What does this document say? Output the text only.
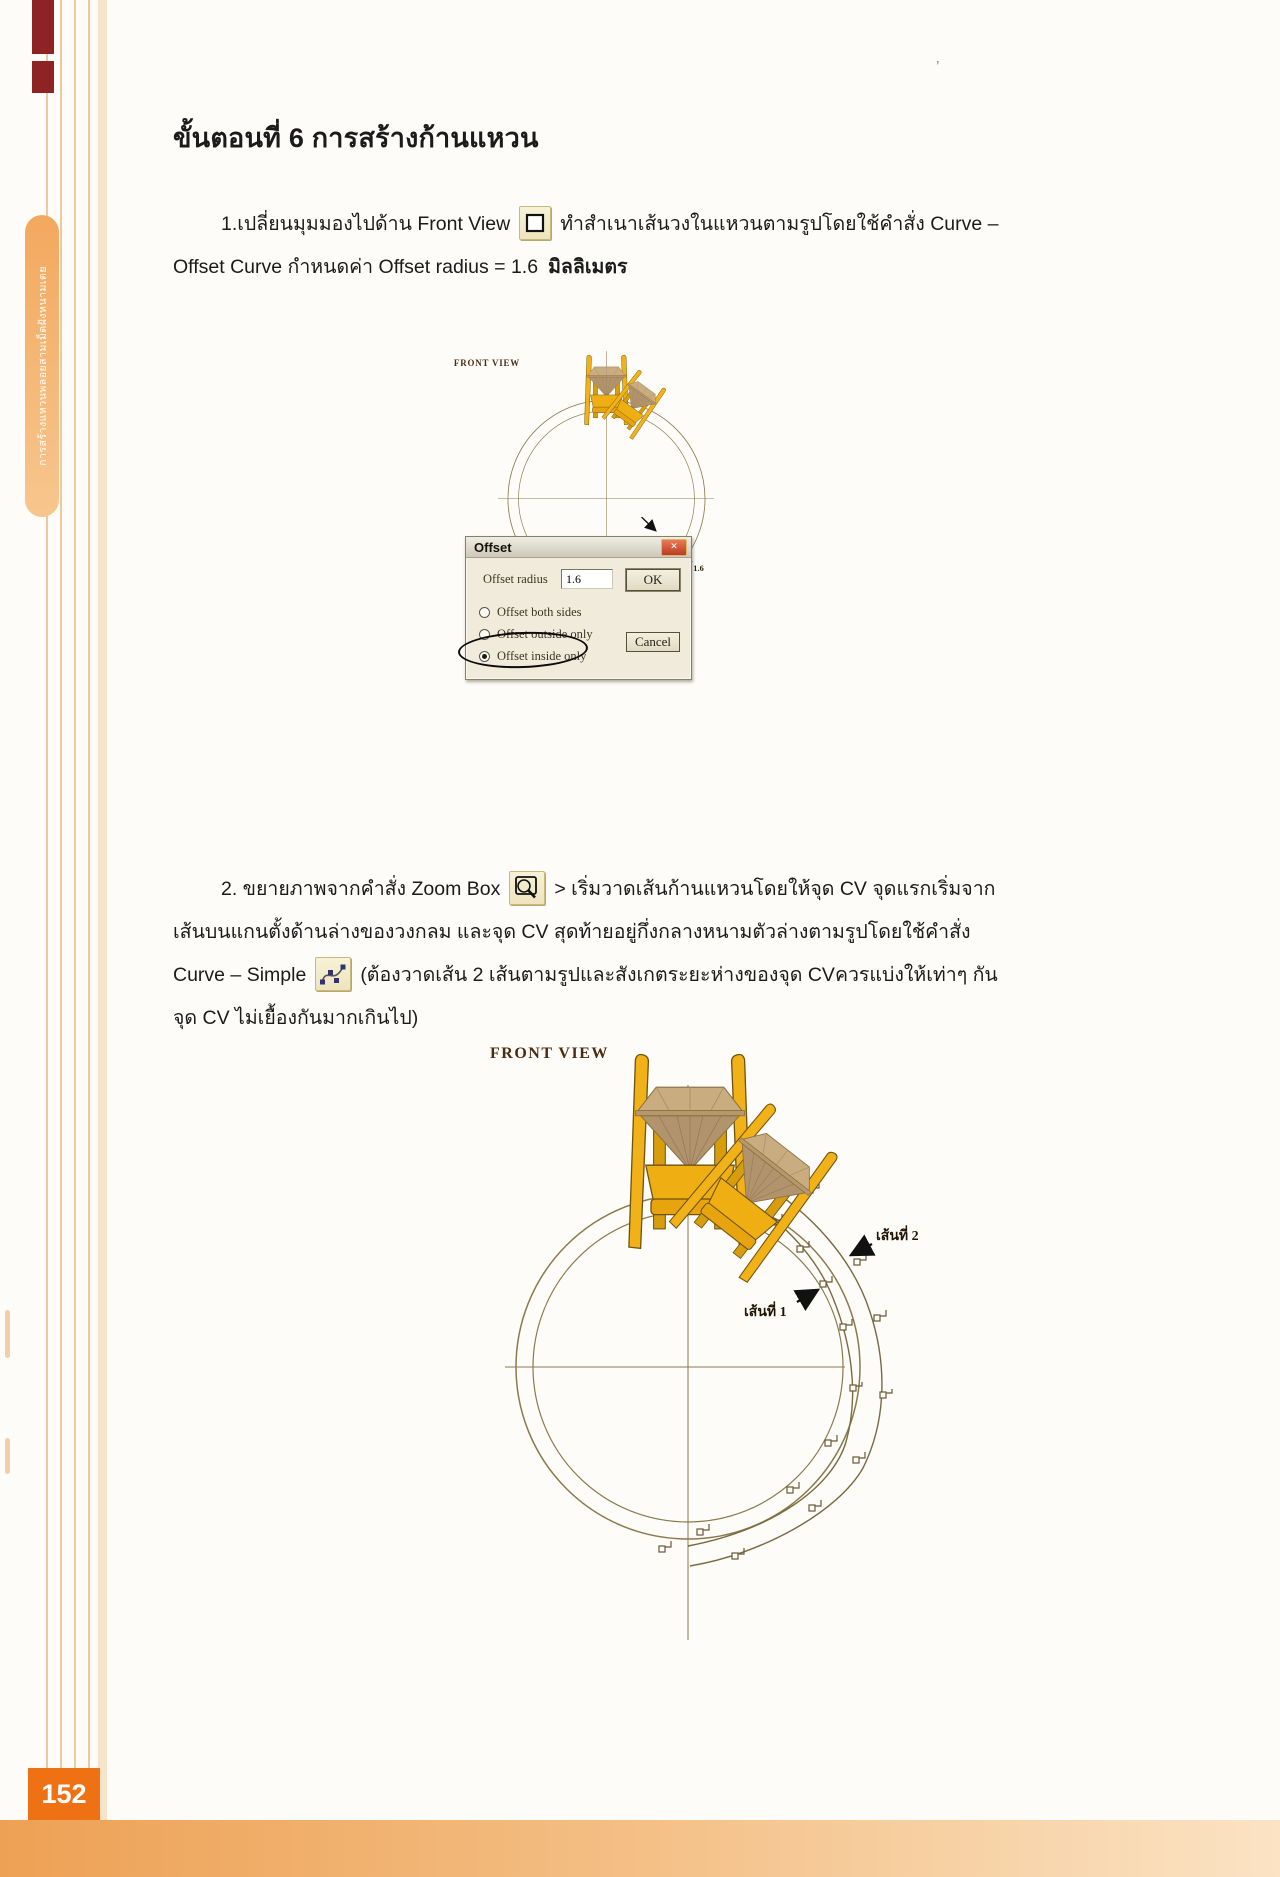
การสร้างแหวนพลอยสามเม็ดฝังหนามเตย
152
’
ขั้นตอนที่ 6 การสร้างก้านแหวน
1.เปลี่ยนมุมมองไปด้าน Front View	ทำสำเนาเส้นวงในแหวนตามรูปโดยใช้คำสั่ง Curve –
Offset Curve กำหนดค่า Offset radius = 1.6 มิลลิเมตร
FRONT VIEW
1.6
Offset	✕
Offset radius
1.6	OK
Cancel
Offset both sides
Offset outside only
Offset inside only
2. ขยายภาพจากคำสั่ง Zoom Box	> เริ่มวาดเส้นก้านแหวนโดยให้จุด CV จุดแรกเริ่มจาก
เส้นบนแกนตั้งด้านล่างของวงกลม และจุด CV สุดท้ายอยู่กึ่งกลางหนามตัวล่างตามรูปโดยใช้คำสั่ง
Curve – Simple	(ต้องวาดเส้น 2 เส้นตามรูปและสังเกตระยะห่างของจุด CVควรแบ่งให้เท่าๆ กัน
จุด CV ไม่เยื้องกันมากเกินไป)
FRONT VIEW
เส้นที่ 1
เส้นที่ 2
